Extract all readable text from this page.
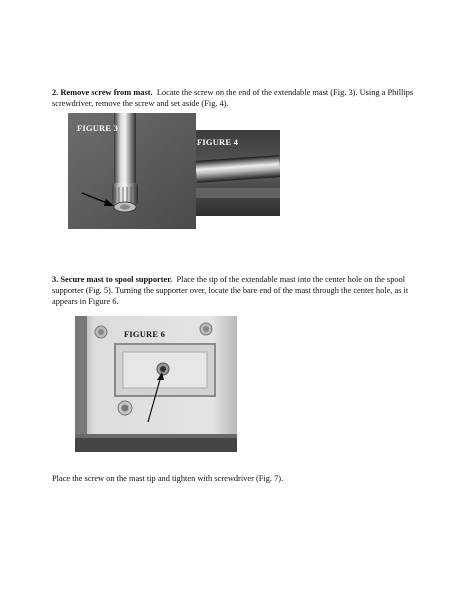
2. Remove screw from mast. Locate the screw on the end of the extendable mast (Fig. 3). Using a Phillips screwdriver, remove the screw and set aside (Fig. 4).

FIGURE 3
FIGURE 4

3. Secure mast to spool supporter. Place the tip of the extendable mast into the center hole on the spool supporter (Fig. 5). Turning the supporter over, locate the bare end of the mast through the center hole, as it appears in Figure 6.

FIGURE 6

Place the screw on the mast tip and tighten with screwdriver (Fig. 7).
